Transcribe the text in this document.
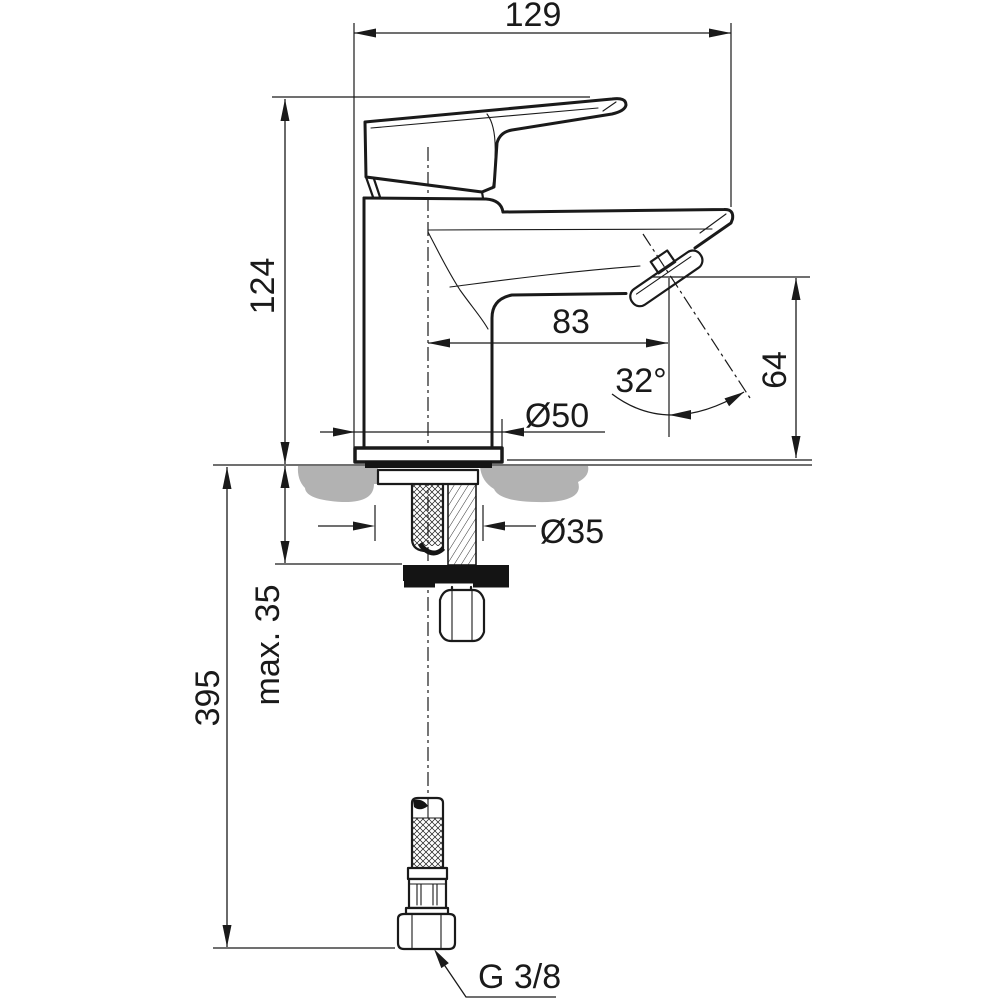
129
124
max. 35
395
83
64
32°
Ø50
Ø35
G 3/8
